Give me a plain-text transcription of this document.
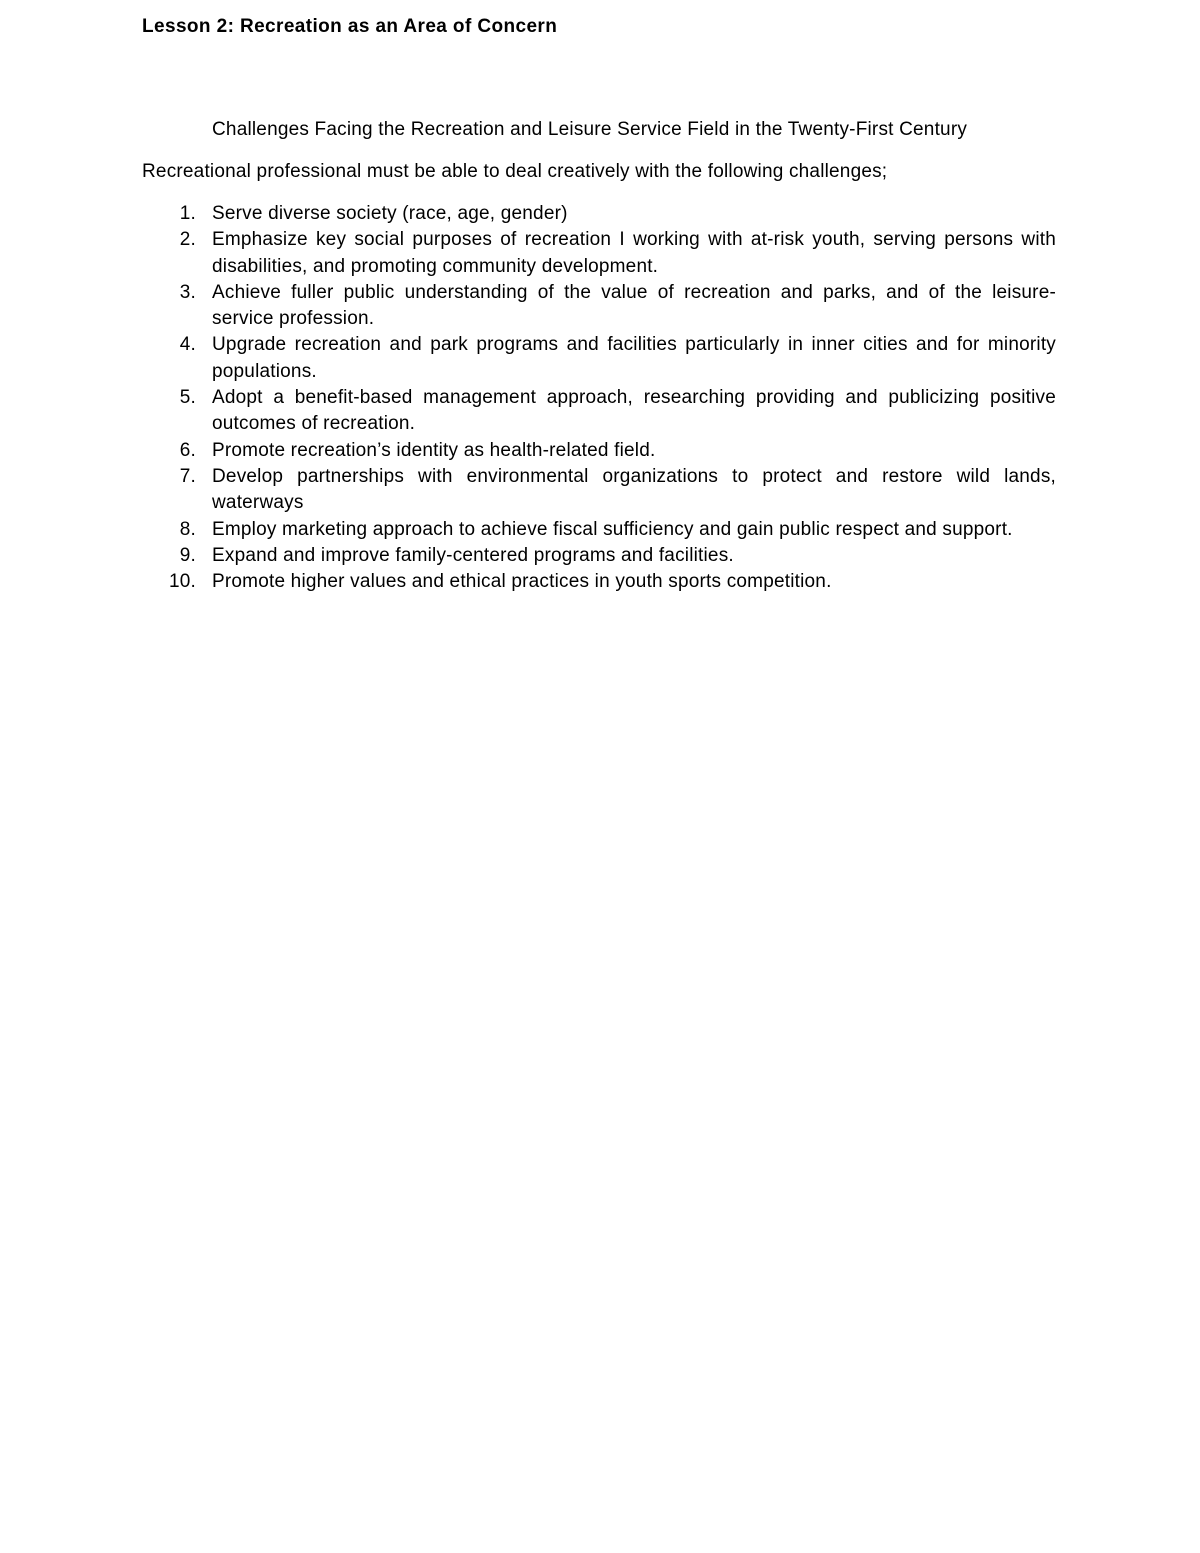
Lesson 2: Recreation as an Area of Concern

Challenges Facing the Recreation and Leisure Service Field in the Twenty-First Century

Recreational professional must be able to deal creatively with the following challenges;

1. Serve diverse society (race, age, gender)
2. Emphasize key social purposes of recreation I working with at-risk youth, serving persons with disabilities, and promoting community development.
3. Achieve fuller public understanding of the value of recreation and parks, and of the leisure- service profession.
4. Upgrade recreation and park programs and facilities particularly in inner cities and for minority populations.
5. Adopt a benefit-based management approach, researching providing and publicizing positive outcomes of recreation.
6. Promote recreation’s identity as health-related field.
7. Develop partnerships with environmental organizations to protect and restore wild lands, waterways
8. Employ marketing approach to achieve fiscal sufficiency and gain public respect and support.
9. Expand and improve family-centered programs and facilities.
10. Promote higher values and ethical practices in youth sports competition.
